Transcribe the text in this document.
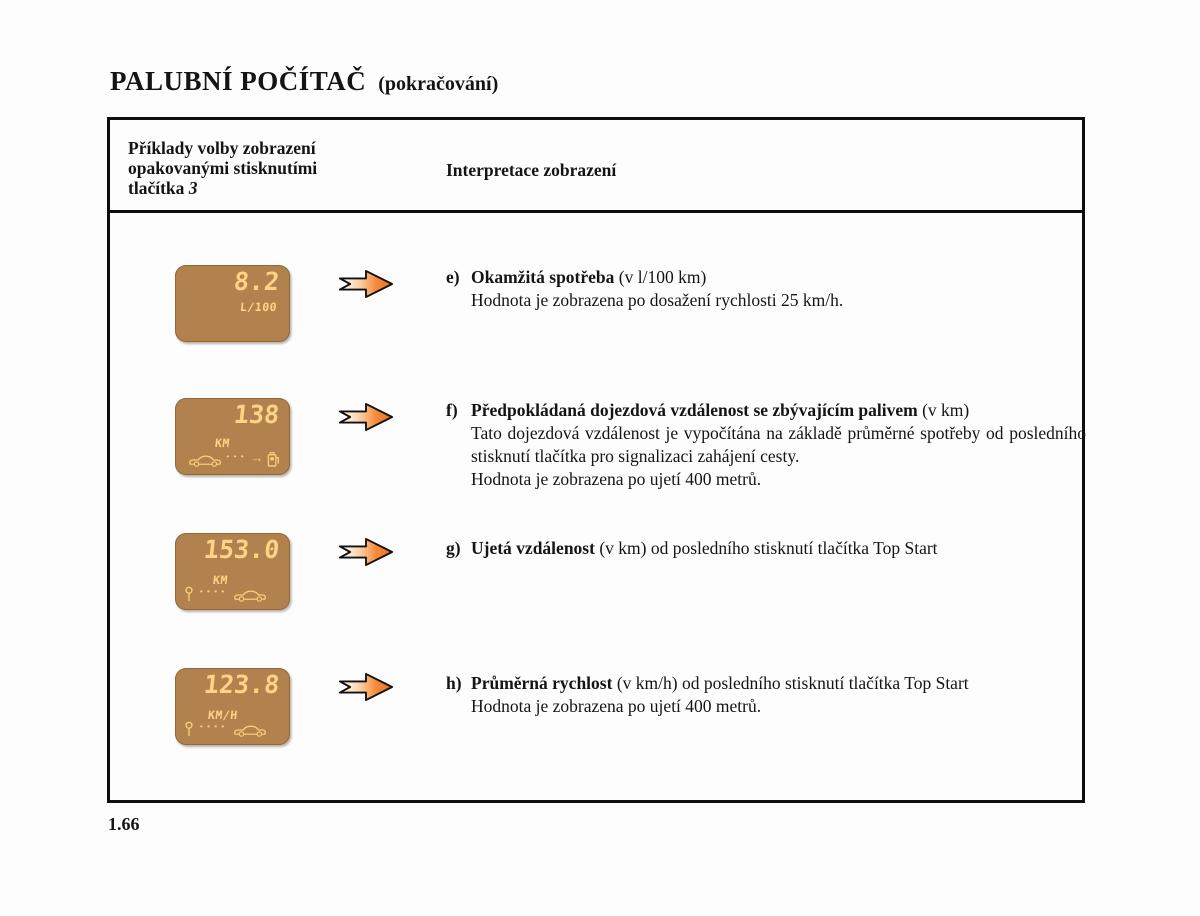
PALUBNÍ POČÍTAČ (pokračování)
Příklady volby zobrazení
opakovanými stisknutími
tlačítka 3
Interpretace zobrazení
8.2
L/100
e) Okamžitá spotřeba (v l/100 km)
Hodnota je zobrazena po dosažení rychlosti 25 km/h.
138
KM
··· →
f) Předpokládaná dojezdová vzdálenost se zbývajícím palivem (v km)
Tato dojezdová vzdálenost je vypočítána na základě průměrné spotřeby od posledního stisknutí tlačítka pro signalizaci zahájení cesty.
Hodnota je zobrazena po ujetí 400 metrů.
153.0
KM
····
g) Ujetá vzdálenost (v km) od posledního stisknutí tlačítka Top Start
123.8
KM/H
····
h) Průměrná rychlost (v km/h) od posledního stisknutí tlačítka Top Start
Hodnota je zobrazena po ujetí 400 metrů.
1.66
